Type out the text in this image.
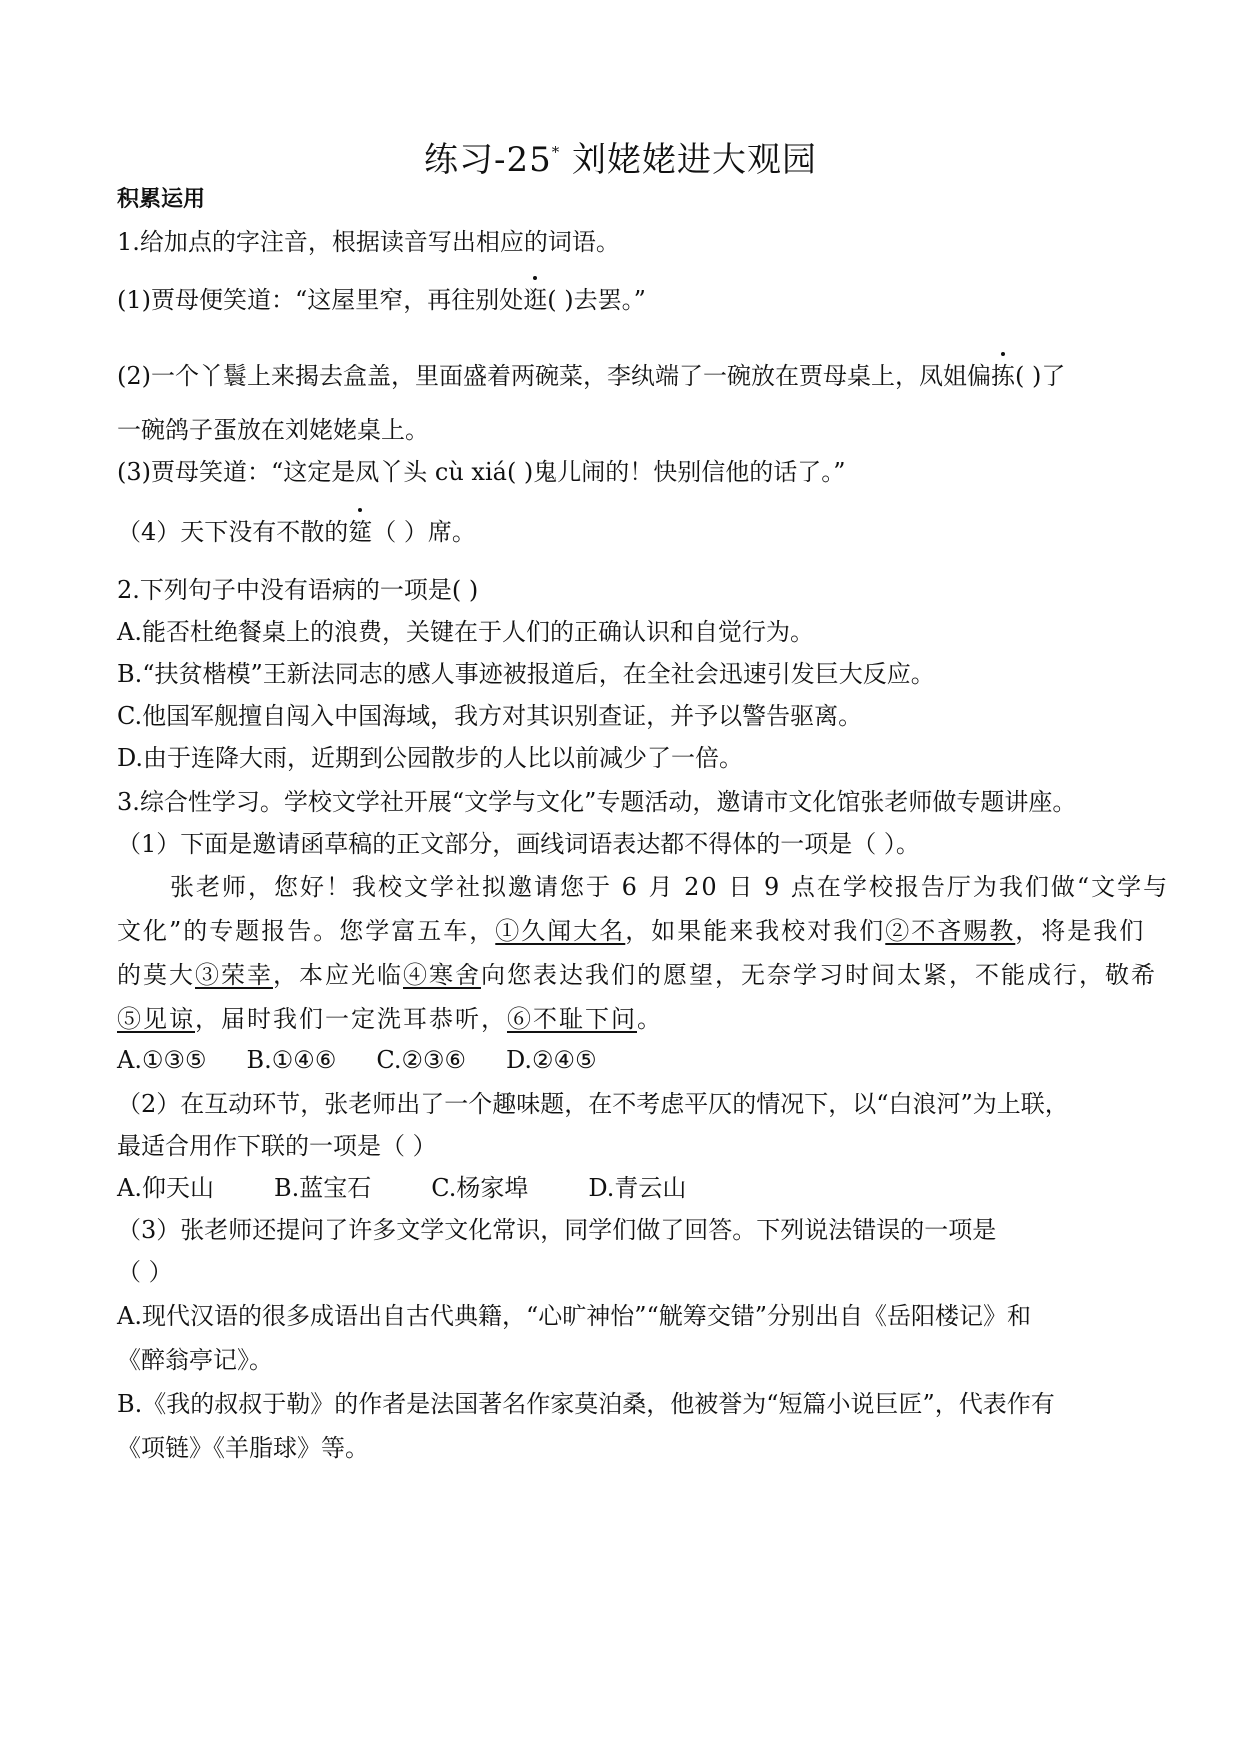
练习-25* 刘姥姥进大观园
积累运用
1.给加点的字注音，根据读音写出相应的词语。
(1)贾母便笑道：“这屋里窄，再往别处逛( )去罢。”
(2)一个丫鬟上来揭去盒盖，里面盛着两碗菜，李纨端了一碗放在贾母桌上，凤姐偏拣( )了
一碗鸽子蛋放在刘姥姥桌上。
(3)贾母笑道：“这定是凤丫头 cù xiá( )鬼儿闹的！快别信他的话了。”
（4）天下没有不散的筵（ ）席。
2.下列句子中没有语病的一项是( )
A.能否杜绝餐桌上的浪费，关键在于人们的正确认识和自觉行为。
B.“扶贫楷模”王新法同志的感人事迹被报道后，在全社会迅速引发巨大反应。
C.他国军舰擅自闯入中国海域，我方对其识别查证，并予以警告驱离。
D.由于连降大雨，近期到公园散步的人比以前减少了一倍。
3.综合性学习。学校文学社开展“文学与文化”专题活动，邀请市文化馆张老师做专题讲座。
（1）下面是邀请函草稿的正文部分，画线词语表达都不得体的一项是（ ）。
张老师，您好！我校文学社拟邀请您于 6 月 20 日 9 点在学校报告厅为我们做“文学与
文化”的专题报告。您学富五车，①久闻大名，如果能来我校对我们②不吝赐教，将是我们
的莫大③荣幸，本应光临④寒舍向您表达我们的愿望，无奈学习时间太紧，不能成行，敬希
⑤见谅，届时我们一定洗耳恭听，⑥不耻下问。
A.①③⑤ B.①④⑥ C.②③⑥ D.②④⑤
（2）在互动环节，张老师出了一个趣味题，在不考虑平仄的情况下，以“白浪河”为上联，
最适合用作下联的一项是（ ）
A.仰天山	B.蓝宝石	C.杨家埠	D.青云山
（3）张老师还提问了许多文学文化常识，同学们做了回答。下列说法错误的一项是
（ ）
A.现代汉语的很多成语出自古代典籍，“心旷神怡”“觥筹交错”分别出自《岳阳楼记》和
《醉翁亭记》。
B.《我的叔叔于勒》的作者是法国著名作家莫泊桑，他被誉为“短篇小说巨匠”，代表作有
《项链》《羊脂球》等。
